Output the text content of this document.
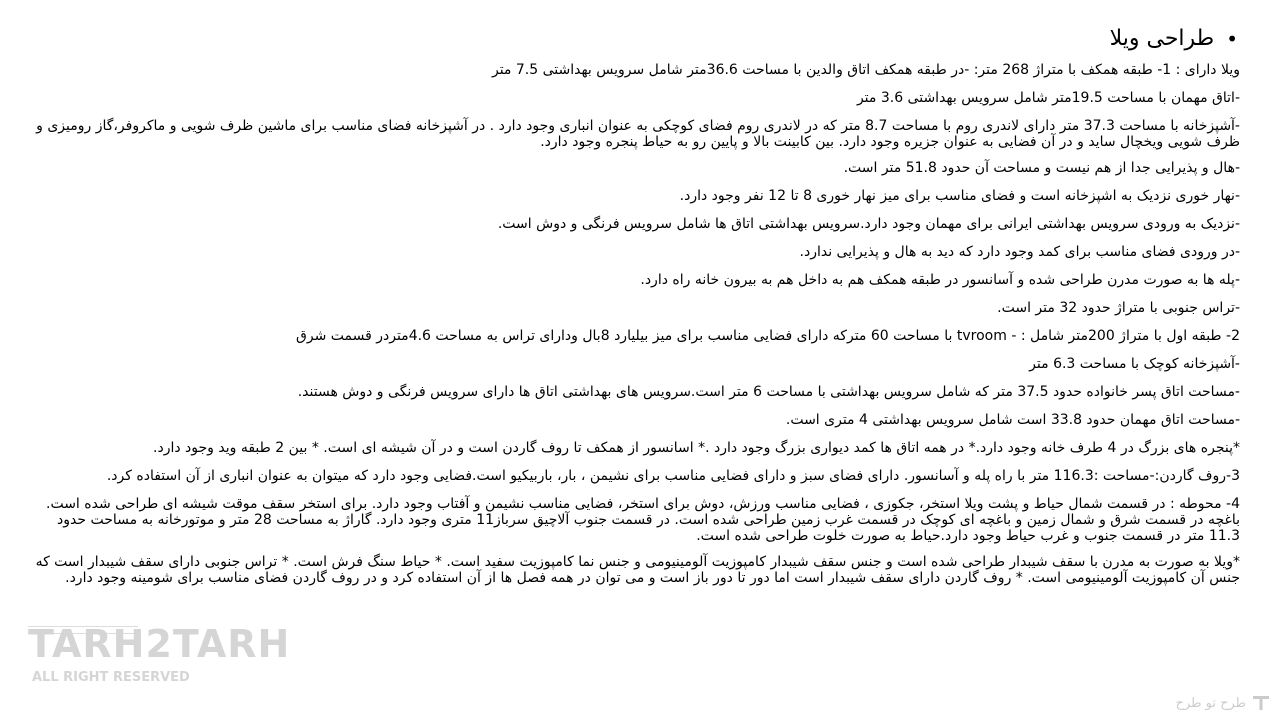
•
طراحی ویلا

ویلا دارای : 1- طبقه همکف با متراژ 268 متر: -در طبقه همکف اتاق والدین با مساحت 36.6متر شامل سرویس بهداشتی 7.5 متر

-اتاق مهمان با مساحت 19.5متر شامل سرویس بهداشتی 3.6 متر

-آشپزخانه با مساحت 37.3 متر دارای لاندری روم با مساحت 8.7 متر که در لاندری روم فضای کوچکی به عنوان انباری وجود دارد . در آشپزخانه فضای مناسب برای ماشین ظرف شویی و ماکروفر،گاز رومیزی و ظرف شویی ویخچال ساید و در آن فضایی به عنوان جزیره وجود دارد. بین کابینت بالا و پایین رو به حیاط پنجره وجود دارد.

-هال و پذیرایی جدا از هم نیست و مساحت آن حدود 51.8 متر است.

-نهار خوری نزدیک به اشپزخانه است و فضای مناسب برای میز نهار خوری 8 تا 12 نفر وجود دارد.

-نزدیک به ورودی سرویس بهداشتی ایرانی برای مهمان وجود دارد.سرویس بهداشتی اتاق ها شامل سرویس فرنگی و دوش است.

-در ورودی فضای مناسب برای کمد وجود دارد که دید به هال و پذیرایی ندارد.

-پله ها به صورت مدرن طراحی شده و آسانسور در طبقه همکف هم به داخل هم به بیرون خانه راه دارد.

-تراس جنوبی با متراژ حدود 32 متر است.

2- طبقه اول با متراژ 200متر شامل : - tvroom با مساحت 60 مترکه دارای فضایی مناسب برای میز بیلیارد 8بال ودارای تراس به مساحت 4.6متردر قسمت شرق

-آشپزخانه کوچک با مساحت 6.3 متر

-مساحت اتاق پسر خانواده حدود 37.5 متر که شامل سرویس بهداشتی با مساحت 6 متر است.سرویس های بهداشتی اتاق ها دارای سرویس فرنگی و دوش هستند.

-مساحت اتاق مهمان حدود 33.8 است شامل سرویس بهداشتی 4 متری است.

*پنجره های بزرگ در 4 طرف خانه وجود دارد.* در همه اتاق ها کمد دیواری بزرگ وجود دارد .* اسانسور از همکف تا روف گاردن است و در آن شیشه ای است. * بین 2 طبقه وید وجود دارد.

3-روف گاردن:-مساحت :116.3 متر با راه پله و آسانسور. دارای فضای سبز و دارای فضایی مناسب برای نشیمن ، بار، باربیکیو است.فضایی وجود دارد که میتوان به عنوان انباری از آن استفاده کرد.

4- محوطه : در قسمت شمال حیاط و پشت ویلا استخر، جکوزی ، فضایی مناسب ورزش، دوش برای استخر، فضایی مناسب نشیمن و آفتاب وجود دارد. برای استخر سقف موقت شیشه ای طراحی شده است. باغچه در قسمت شرق و شمال زمین و باغچه ای کوچک در قسمت غرب زمین طراحی شده است. در قسمت جنوب آلاچیق سرباز11 متری وجود دارد. گاراژ به مساحت 28 متر و موتورخانه به مساحت حدود 11.3 متر در قسمت جنوب و غرب حیاط وجود دارد.حیاط به صورت خلوت طراحی شده است.

*ویلا به صورت به مدرن با سقف شیبدار طراحی شده است و جنس سقف شیبدار کامپوزیت آلومینیومی و جنس نما کامپوزیت سفید است. * حیاط سنگ فرش است. * تراس جنوبی دارای سقف شیبدار است که جنس آن کامپوزیت آلومینیومی است. * روف گاردن دارای سقف شیبدار است اما دور تا دور باز است و می توان در همه فصل ها از آن استفاده کرد و در روف گاردن فضای مناسب برای شومینه وجود دارد.

TARH2TARH
ALL RIGHT RESERVED
طرح تو طرح
